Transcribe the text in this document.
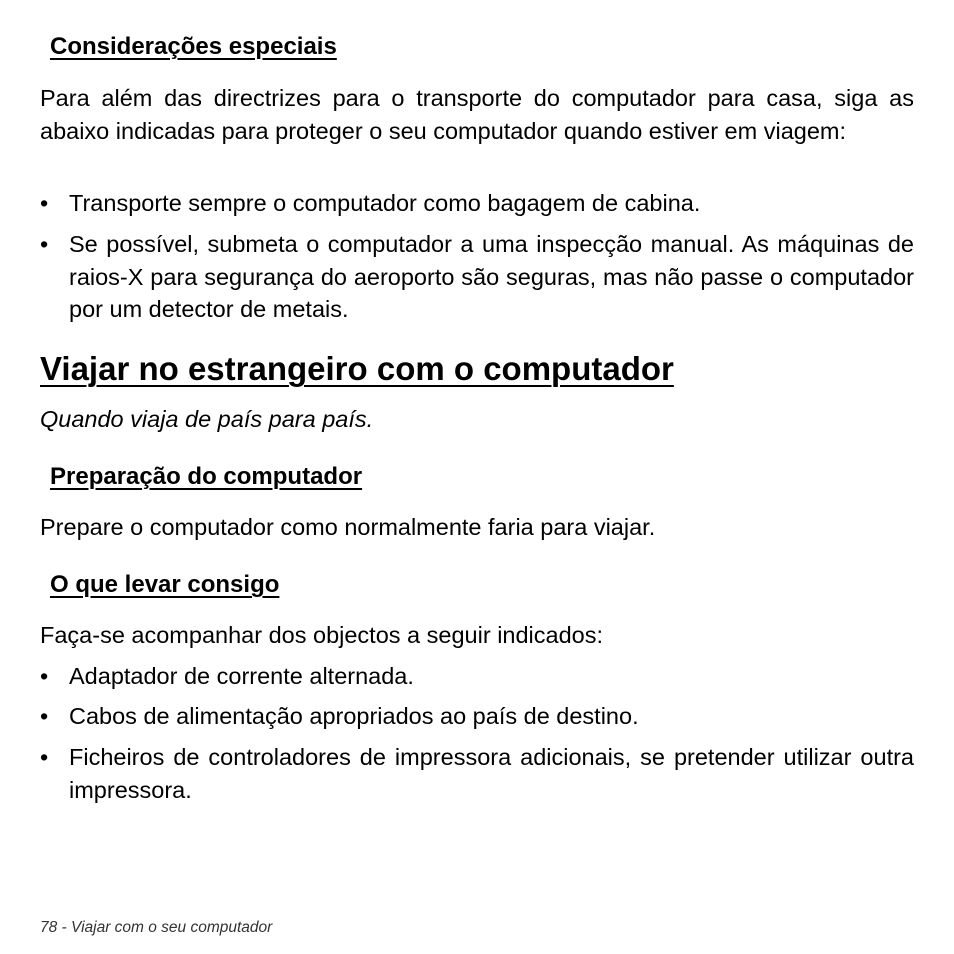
Considerações especiais

Para além das directrizes para o transporte do computador para casa, siga as abaixo indicadas para proteger o seu computador quando estiver em viagem:

• Transporte sempre o computador como bagagem de cabina.
• Se possível, submeta o computador a uma inspecção manual. As máquinas de raios-X para segurança do aeroporto são seguras, mas não passe o computador por um detector de metais.
Viajar no estrangeiro com o computador

Quando viaja de país para país.

Preparação do computador

Prepare o computador como normalmente faria para viajar.

O que levar consigo

Faça-se acompanhar dos objectos a seguir indicados:

• Adaptador de corrente alternada.
• Cabos de alimentação apropriados ao país de destino.
• Ficheiros de controladores de impressora adicionais, se pretender utilizar outra impressora.
78 - Viajar com o seu computador
